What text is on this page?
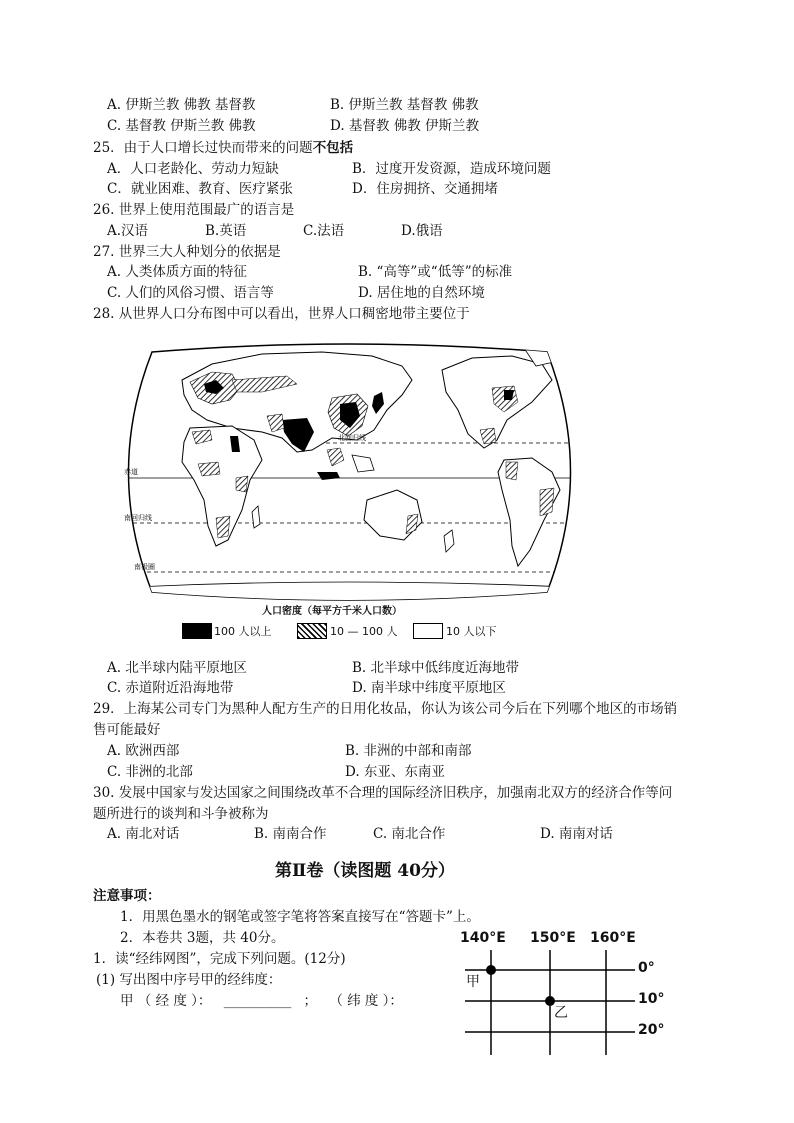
A. 伊斯兰教 佛教 基督教	B. 伊斯兰教 基督教 佛教
C. 基督教 伊斯兰教 佛教	D. 基督教 佛教 伊斯兰教
25．由于人口增长过快而带来的问题不包括
A．人口老龄化、劳动力短缺	B．过度开发资源，造成环境问题
C．就业困难、教育、医疗紧张	D．住房拥挤、交通拥堵
26. 世界上使用范围最广的语言是
A.汉语	B.英语	C.法语	D.俄语
27. 世界三大人种划分的依据是
A. 人类体质方面的特征	B. “高等”或“低等”的标准
C. 人们的风俗习惯、语言等	D. 居住地的自然环境
28. 从世界人口分布图中可以看出，世界人口稠密地带主要位于
北回归线
赤道
南回归线
南极圈
人口密度（每平方千米人口数）
100 人以上	10 — 100 人	10 人以下
A. 北半球内陆平原地区	B. 北半球中低纬度近海地带
C. 赤道附近沿海地带	D. 南半球中纬度平原地区
29．上海某公司专门为黑种人配方生产的日用化妆品，你认为该公司今后在下列哪个地区的市场销
售可能最好
A. 欧洲西部	B. 非洲的中部和南部
C. 非洲的北部	D. 东亚、东南亚
30. 发展中国家与发达国家之间围绕改革不合理的国际经济旧秩序，加强南北双方的经济合作等问
题所进行的谈判和斗争被称为
A. 南北对话	B. 南南合作	C. 南北合作	D. 南南对话
第Ⅱ卷（读图题 40分）
注意事项：
1．用黑色墨水的钢笔或签字笔将答案直接写在“答题卡”上。
2．本卷共 3题，共 40分。
1．读“经纬网图”，完成下列问题。(12分)
(1) 写出图中序号甲的经纬度：
甲 （ 经 度 ）： __________ ； （ 纬 度 ）：
140°E 150°E 160°E
0°
10°
20°
甲
乙
